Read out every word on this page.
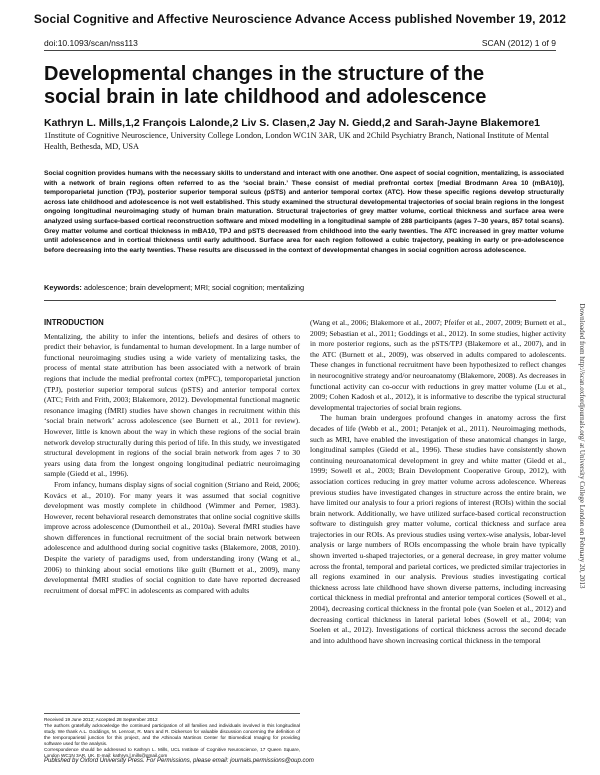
Social Cognitive and Affective Neuroscience Advance Access published November 19, 2012
doi:10.1093/scan/nss113	SCAN (2012) 1 of 9
Developmental changes in the structure of the social brain in late childhood and adolescence
Kathryn L. Mills,1,2 François Lalonde,2 Liv S. Clasen,2 Jay N. Giedd,2 and Sarah-Jayne Blakemore1
1Institute of Cognitive Neuroscience, University College London, London WC1N 3AR, UK and 2Child Psychiatry Branch, National Institute of Mental Health, Bethesda, MD, USA
Social cognition provides humans with the necessary skills to understand and interact with one another. One aspect of social cognition, mentalizing, is associated with a network of brain regions often referred to as the ‘social brain.’ These consist of medial prefrontal cortex [medial Brodmann Area 10 (mBA10)], temporoparietal junction (TPJ), posterior superior temporal sulcus (pSTS) and anterior temporal cortex (ATC). How these specific regions develop structurally across late childhood and adolescence is not well established. This study examined the structural developmental trajectories of social brain regions in the longest ongoing longitudinal neuroimaging study of human brain maturation. Structural trajectories of grey matter volume, cortical thickness and surface area were analyzed using surface-based cortical reconstruction software and mixed modelling in a longitudinal sample of 288 participants (ages 7–30 years, 857 total scans). Grey matter volume and cortical thickness in mBA10, TPJ and pSTS decreased from childhood into the early twenties. The ATC increased in grey matter volume until adolescence and in cortical thickness until early adulthood. Surface area for each region followed a cubic trajectory, peaking in early or pre-adolescence before decreasing into the early twenties. These results are discussed in the context of developmental changes in social cognition across adolescence.
Keywords: adolescence; brain development; MRI; social cognition; mentalizing
INTRODUCTION

Mentalizing, the ability to infer the intentions, beliefs and desires of others to predict their behavior, is fundamental to human development. In a large number of functional neuroimaging studies using a wide variety of mentalizing tasks, the process of mental state attribution has been associated with a network of brain regions that include the medial prefrontal cortex (mPFC), temporoparietal junction (TPJ), posterior superior temporal sulcus (pSTS) and anterior temporal cortex (ATC; Frith and Frith, 2003; Blakemore, 2012). Developmental functional magnetic resonance imaging (fMRI) studies have shown changes in recruitment within this ‘social brain network’ across adolescence (see Burnett et al., 2011 for review). However, little is known about the way in which these regions of the social brain network develop structurally during this period of life. In this study, we investigated structural development in regions of the social brain network from ages 7 to 30 years using data from the longest ongoing longitudinal pediatric neuroimaging sample (Giedd et al., 1996).

From infancy, humans display signs of social cognition (Striano and Reid, 2006; Kovács et al., 2010). For many years it was assumed that social cognitive development was mostly complete in childhood (Wimmer and Perner, 1983). However, recent behavioral research demonstrates that online social cognitive skills improve across adolescence (Dumontheil et al., 2010a). Several fMRI studies have shown differences in functional recruitment of the social brain network between adolescence and adulthood during social cognitive tasks (Blakemore, 2008, 2010). Despite the variety of paradigms used, from understanding irony (Wang et al., 2006) to thinking about social emotions like guilt (Burnett et al., 2009), many developmental fMRI studies of social cognition to date have reported decreased recruitment of dorsal mPFC in adolescents as compared with adults

(Wang et al., 2006; Blakemore et al., 2007; Pfeifer et al., 2007, 2009; Burnett et al., 2009; Sebastian et al., 2011; Goddings et al., 2012). In some studies, higher activity in more posterior regions, such as the pSTS/TPJ (Blakemore et al., 2007), and in the ATC (Burnett et al., 2009), was observed in adults compared to adolescents. These changes in functional recruitment have been hypothesized to reflect changes in neurocognitive strategy and/or neuroanatomy (Blakemore, 2008). As decreases in functional activity can co-occur with reductions in grey matter volume (Lu et al., 2009; Cohen Kadosh et al., 2012), it is informative to describe the typical structural developmental trajectories of social brain regions.

The human brain undergoes profound changes in anatomy across the first decades of life (Webb et al., 2001; Petanjek et al., 2011). Neuroimaging methods, such as MRI, have enabled the investigation of these anatomical changes in large, longitudinal samples (Giedd et al., 1996). These studies have consistently shown continuing neuroanatomical development in grey and white matter (Giedd et al., 1999; Sowell et al., 2003; Brain Development Cooperative Group, 2012), with association cortices reducing in grey matter volume across adolescence. Whereas previous studies have investigated changes in structure across the entire brain, we have limited our analysis to four a priori regions of interest (ROIs) within the social brain network. Additionally, we have utilized surface-based cortical reconstruction software to distinguish grey matter volume, cortical thickness and surface area trajectories in our ROIs. As previous studies using vertex-wise analysis, lobar-level analysis or large numbers of ROIs encompassing the whole brain have typically shown inverted u-shaped trajectories, or a general decrease, in grey matter volume across the frontal, temporal and parietal cortices, we predicted similar trajectories in all regions examined in our analysis. Previous studies investigating cortical thickness across late childhood have shown diverse patterns, including increasing cortical thickness in medial prefrontal and anterior temporal cortices (Sowell et al., 2004), decreasing cortical thickness in the frontal pole (van Soelen et al., 2012) and decreasing cortical thickness in lateral parietal lobes (Sowell et al., 2004; van Soelen et al., 2012). Investigations of cortical thickness across the second decade and into adulthood have shown increasing cortical thickness in the temporal

Received 19 June 2012; Accepted 28 September 2012
The authors gratefully acknowledge the continued participation of all families and individuals involved in this longitudinal study. We thank A.L. Goddings, M. Lenroot, R. Mars and R. Dickerson for valuable discussion concerning the definition of the temporoparietal junction for this project, and the Athinoula Martinos Center for Biomedical Imaging for providing software used for the analysis.
Correspondence should be addressed to Kathryn L. Mills, UCL Institute of Cognitive Neuroscience, 17 Queen Square, London WC1N 3AR, UK. E-mail: kathryn.l.mills@gmail.com
Published by Oxford University Press. For Permissions, please email: journals.permissions@oup.com
Downloaded from http://scan.oxfordjournals.org/ at University College London on February 20, 2013
